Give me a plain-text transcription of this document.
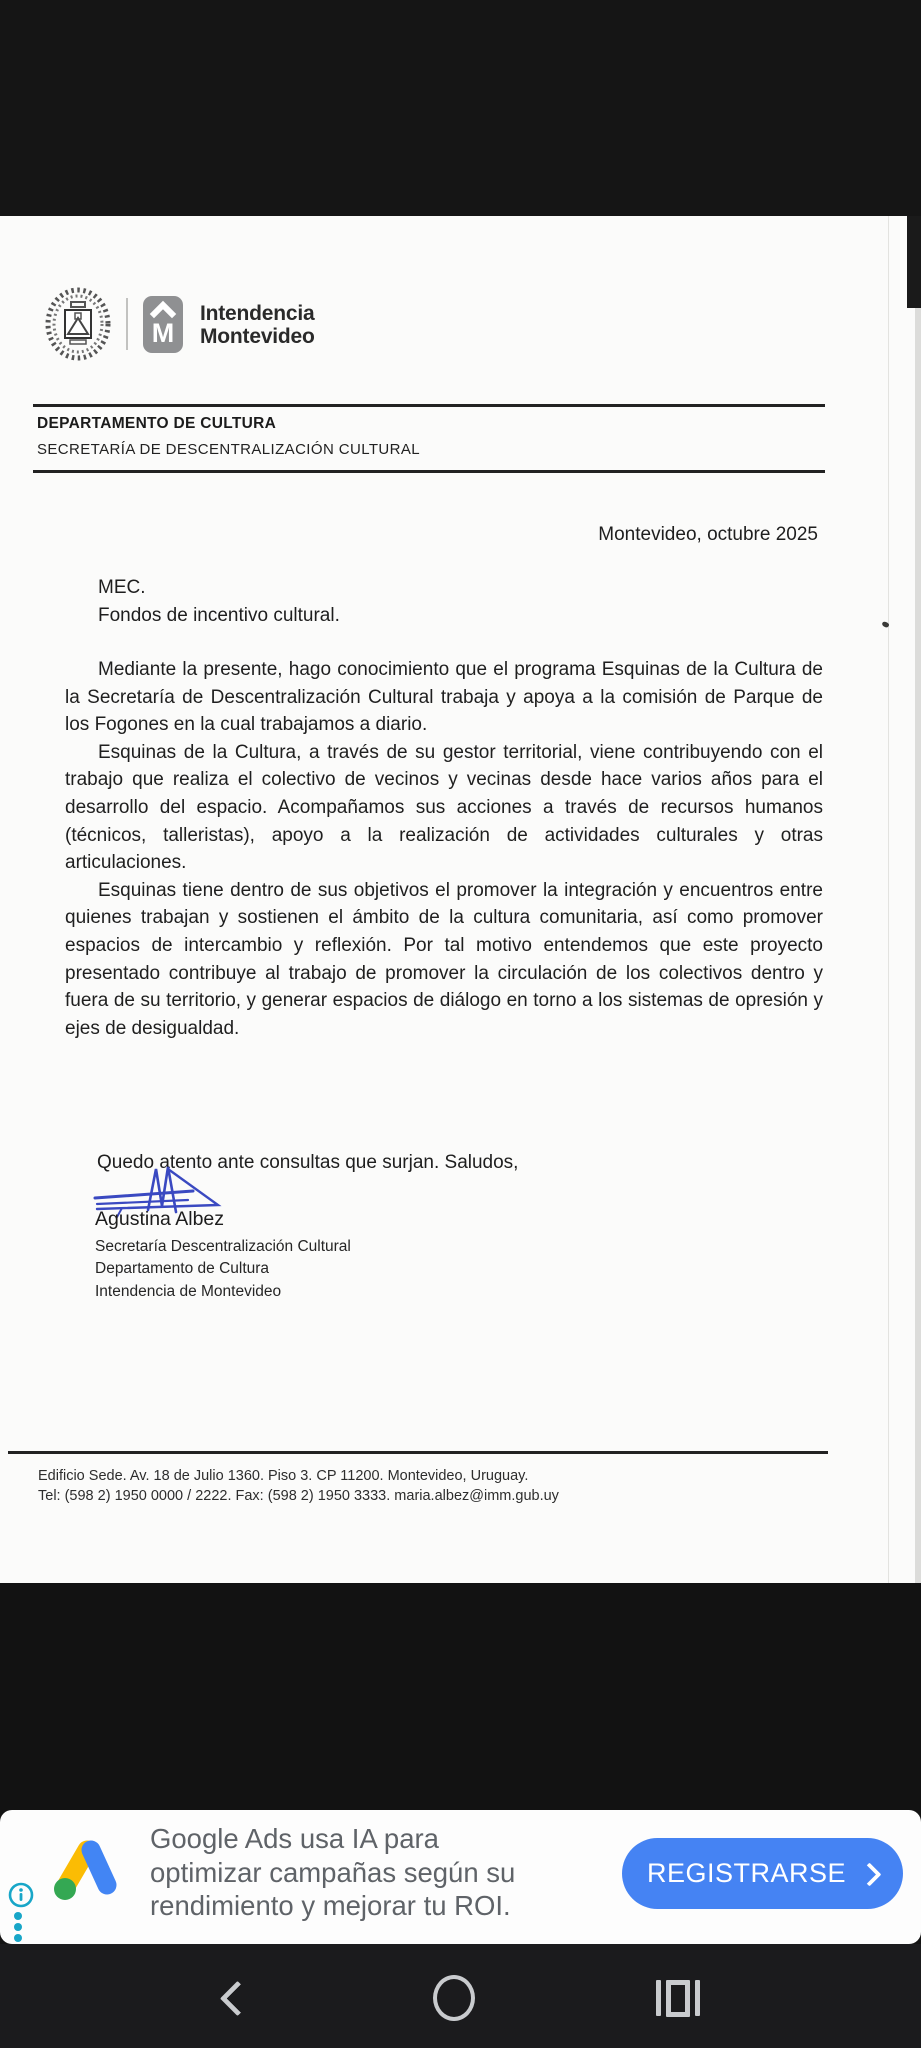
M
Intendencia
Montevideo
DEPARTAMENTO DE CULTURA
SECRETARÍA DE DESCENTRALIZACIÓN CULTURAL
Montevideo, octubre 2025
MEC.
Fondos de incentivo cultural.

Mediante la presente, hago conocimiento que el programa Esquinas de la Cultura de la Secretaría de Descentralización Cultural trabaja y apoya a la comisión de Parque de los Fogones en la cual trabajamos a diario.

Esquinas de la Cultura, a través de su gestor territorial, viene contribuyendo con el trabajo que realiza el colectivo de vecinos y vecinas desde hace varios años para el desarrollo del espacio. Acompañamos sus acciones a través de recursos humanos (técnicos, talleristas), apoyo a la realización de actividades culturales y otras articulaciones.

Esquinas tiene dentro de sus objetivos el promover la integración y encuentros entre quienes trabajan y sostienen el ámbito de la cultura comunitaria, así como promover espacios de intercambio y reflexión. Por tal motivo entendemos que este proyecto presentado contribuye al trabajo de promover la circulación de los colectivos dentro y fuera de su territorio, y generar espacios de diálogo en torno a los sistemas de opresión y ejes de desigualdad.

Quedo atento ante consultas que surjan. Saludos,
Agustina Albez
Secretaría Descentralización Cultural
Departamento de Cultura
Intendencia de Montevideo
Edificio Sede. Av. 18 de Julio 1360. Piso 3. CP 11200. Montevideo, Uruguay.
Tel: (598 2) 1950 0000 / 2222. Fax: (598 2) 1950 3333. maria.albez@imm.gub.uy
Google Ads usa IA para
optimizar campañas según su
rendimiento y mejorar tu ROI.
REGISTRARSE
